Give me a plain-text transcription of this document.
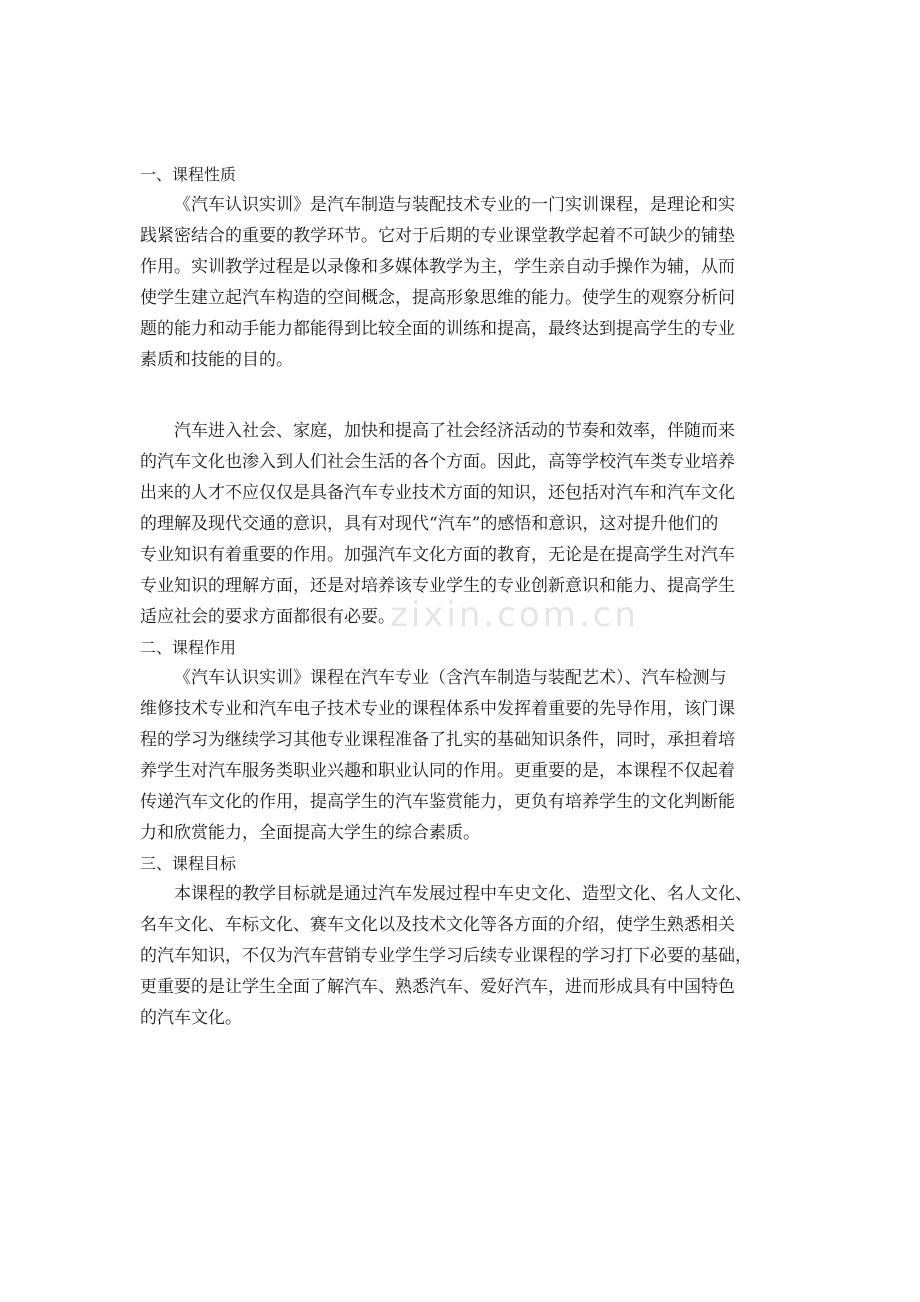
zixin.com.cn
一、课程性质
《汽车认识实训》是汽车制造与装配技术专业的一门实训课程，是理论和实
践紧密结合的重要的教学环节。它对于后期的专业课堂教学起着不可缺少的铺垫
作用。实训教学过程是以录像和多媒体教学为主，学生亲自动手操作为辅，从而
使学生建立起汽车构造的空间概念，提高形象思维的能力。使学生的观察分析问
题的能力和动手能力都能得到比较全面的训练和提高，最终达到提高学生的专业
素质和技能的目的。
汽车进入社会、家庭，加快和提高了社会经济活动的节奏和效率，伴随而来
的汽车文化也渗入到人们社会生活的各个方面。因此，高等学校汽车类专业培养
出来的人才不应仅仅是具备汽车专业技术方面的知识，还包括对汽车和汽车文化
的理解及现代交通的意识，具有对现代“汽车”的感悟和意识，这对提升他们的
专业知识有着重要的作用。加强汽车文化方面的教育，无论是在提高学生对汽车
专业知识的理解方面，还是对培养该专业学生的专业创新意识和能力、提高学生
适应社会的要求方面都很有必要。
二、课程作用
《汽车认识实训》课程在汽车专业（含汽车制造与装配艺术）、汽车检测与
维修技术专业和汽车电子技术专业的课程体系中发挥着重要的先导作用，该门课
程的学习为继续学习其他专业课程准备了扎实的基础知识条件，同时，承担着培
养学生对汽车服务类职业兴趣和职业认同的作用。更重要的是，本课程不仅起着
传递汽车文化的作用，提高学生的汽车鉴赏能力，更负有培养学生的文化判断能
力和欣赏能力，全面提高大学生的综合素质。
三、课程目标
本课程的教学目标就是通过汽车发展过程中车史文化、造型文化、名人文化、
名车文化、车标文化、赛车文化以及技术文化等各方面的介绍，使学生熟悉相关
的汽车知识，不仅为汽车营销专业学生学习后续专业课程的学习打下必要的基础，
更重要的是让学生全面了解汽车、熟悉汽车、爱好汽车，进而形成具有中国特色
的汽车文化。
